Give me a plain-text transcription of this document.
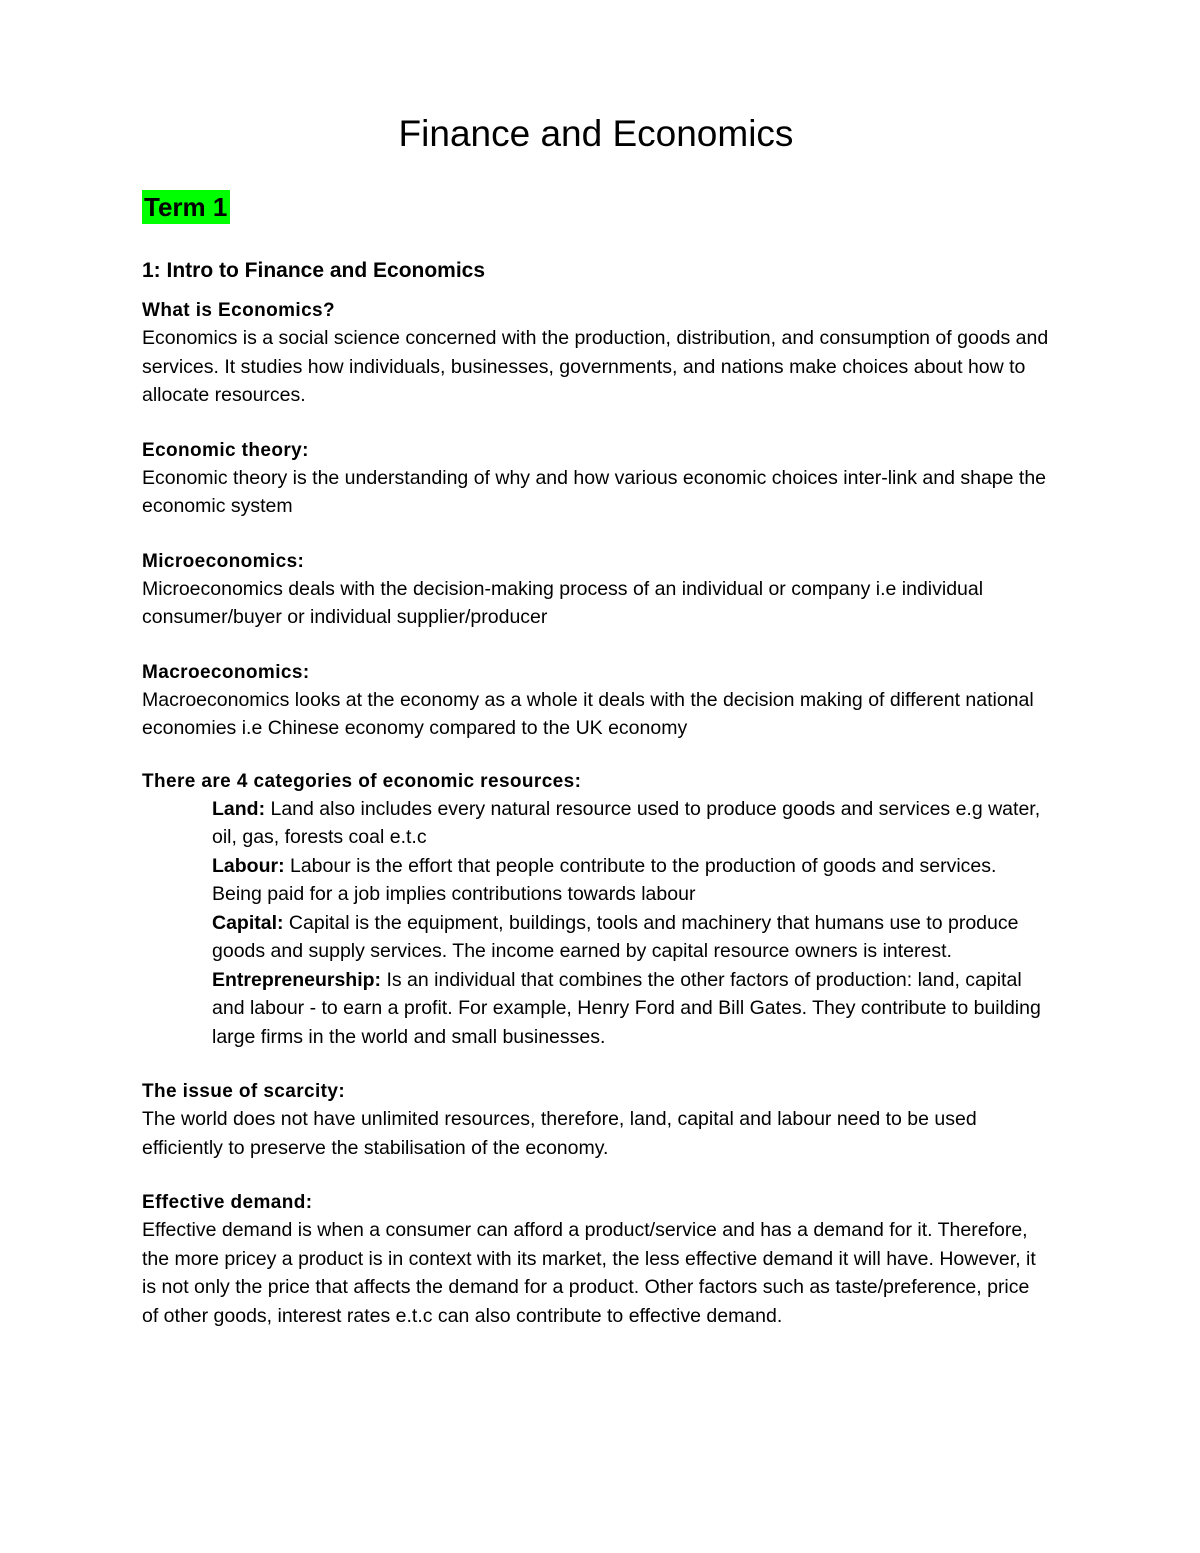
Finance and Economics
Term 1
1: Intro to Finance and Economics
What is Economics?

Economics is a social science concerned with the production, distribution, and consumption of goods and services. It studies how individuals, businesses, governments, and nations make choices about how to allocate resources.

Economic theory:

Economic theory is the understanding of why and how various economic choices inter-link and shape the economic system

Microeconomics:

Microeconomics deals with the decision-making process of an individual or company i.e individual consumer/buyer or individual supplier/producer

Macroeconomics:

Macroeconomics looks at the economy as a whole it deals with the decision making of different national economies i.e Chinese economy compared to the UK economy

There are 4 categories of economic resources:
Land: Land also includes every natural resource used to produce goods and services e.g water, oil, gas, forests coal e.t.c
Labour: Labour is the effort that people contribute to the production of goods and services. Being paid for a job implies contributions towards labour
Capital: Capital is the equipment, buildings, tools and machinery that humans use to produce goods and supply services. The income earned by capital resource owners is interest.
Entrepreneurship: Is an individual that combines the other factors of production: land, capital and labour - to earn a profit. For example, Henry Ford and Bill Gates. They contribute to building large firms in the world and small businesses.
The issue of scarcity:

The world does not have unlimited resources, therefore, land, capital and labour need to be used efficiently to preserve the stabilisation of the economy.

Effective demand:

Effective demand is when a consumer can afford a product/service and has a demand for it. Therefore, the more pricey a product is in context with its market, the less effective demand it will have. However, it is not only the price that affects the demand for a product. Other factors such as taste/preference, price of other goods, interest rates e.t.c can also contribute to effective demand.
